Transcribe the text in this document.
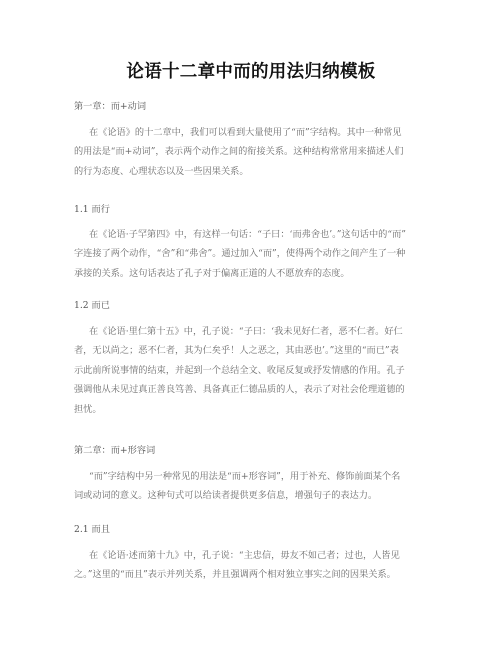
论语十二章中而的用法归纳模板
第一章：而+动词
在《论语》的十二章中，我们可以看到大量使用了“而”字结构。其中一种常见
的用法是“而+动词”，表示两个动作之间的衔接关系。这种结构常常用来描述人们
的行为态度、心理状态以及一些因果关系。
1.1 而行
在《论语·子罕第四》中，有这样一句话：“子曰：‘而弗舍也’。”这句话中的“而”
字连接了两个动作，“舍”和“弗舍”。通过加入“而”，使得两个动作之间产生了一种
承接的关系。这句话表达了孔子对于偏离正道的人不愿放弃的态度。
1.2 而已
在《论语·里仁第十五》中，孔子说：“子曰：‘我未见好仁者，恶不仁者。好仁
者，无以尚之；恶不仁者，其为仁矣乎！人之恶之，其由恶也’。”这里的“而已”表
示此前所说事情的结束，并起到一个总结全文、收尾反复或抒发情感的作用。孔子
强调他从未见过真正善良笃善、具备真正仁德品质的人，表示了对社会伦理道德的
担忧。
第二章：而+形容词
“而”字结构中另一种常见的用法是“而+形容词”，用于补充、修饰前面某个名
词或动词的意义。这种句式可以给读者提供更多信息，增强句子的表达力。
2.1 而且
在《论语·述而第十九》中，孔子说：“主忠信，毋友不如己者；过也，人皆见
之。”这里的“而且”表示并列关系，并且强调两个相对独立事实之间的因果关系。
